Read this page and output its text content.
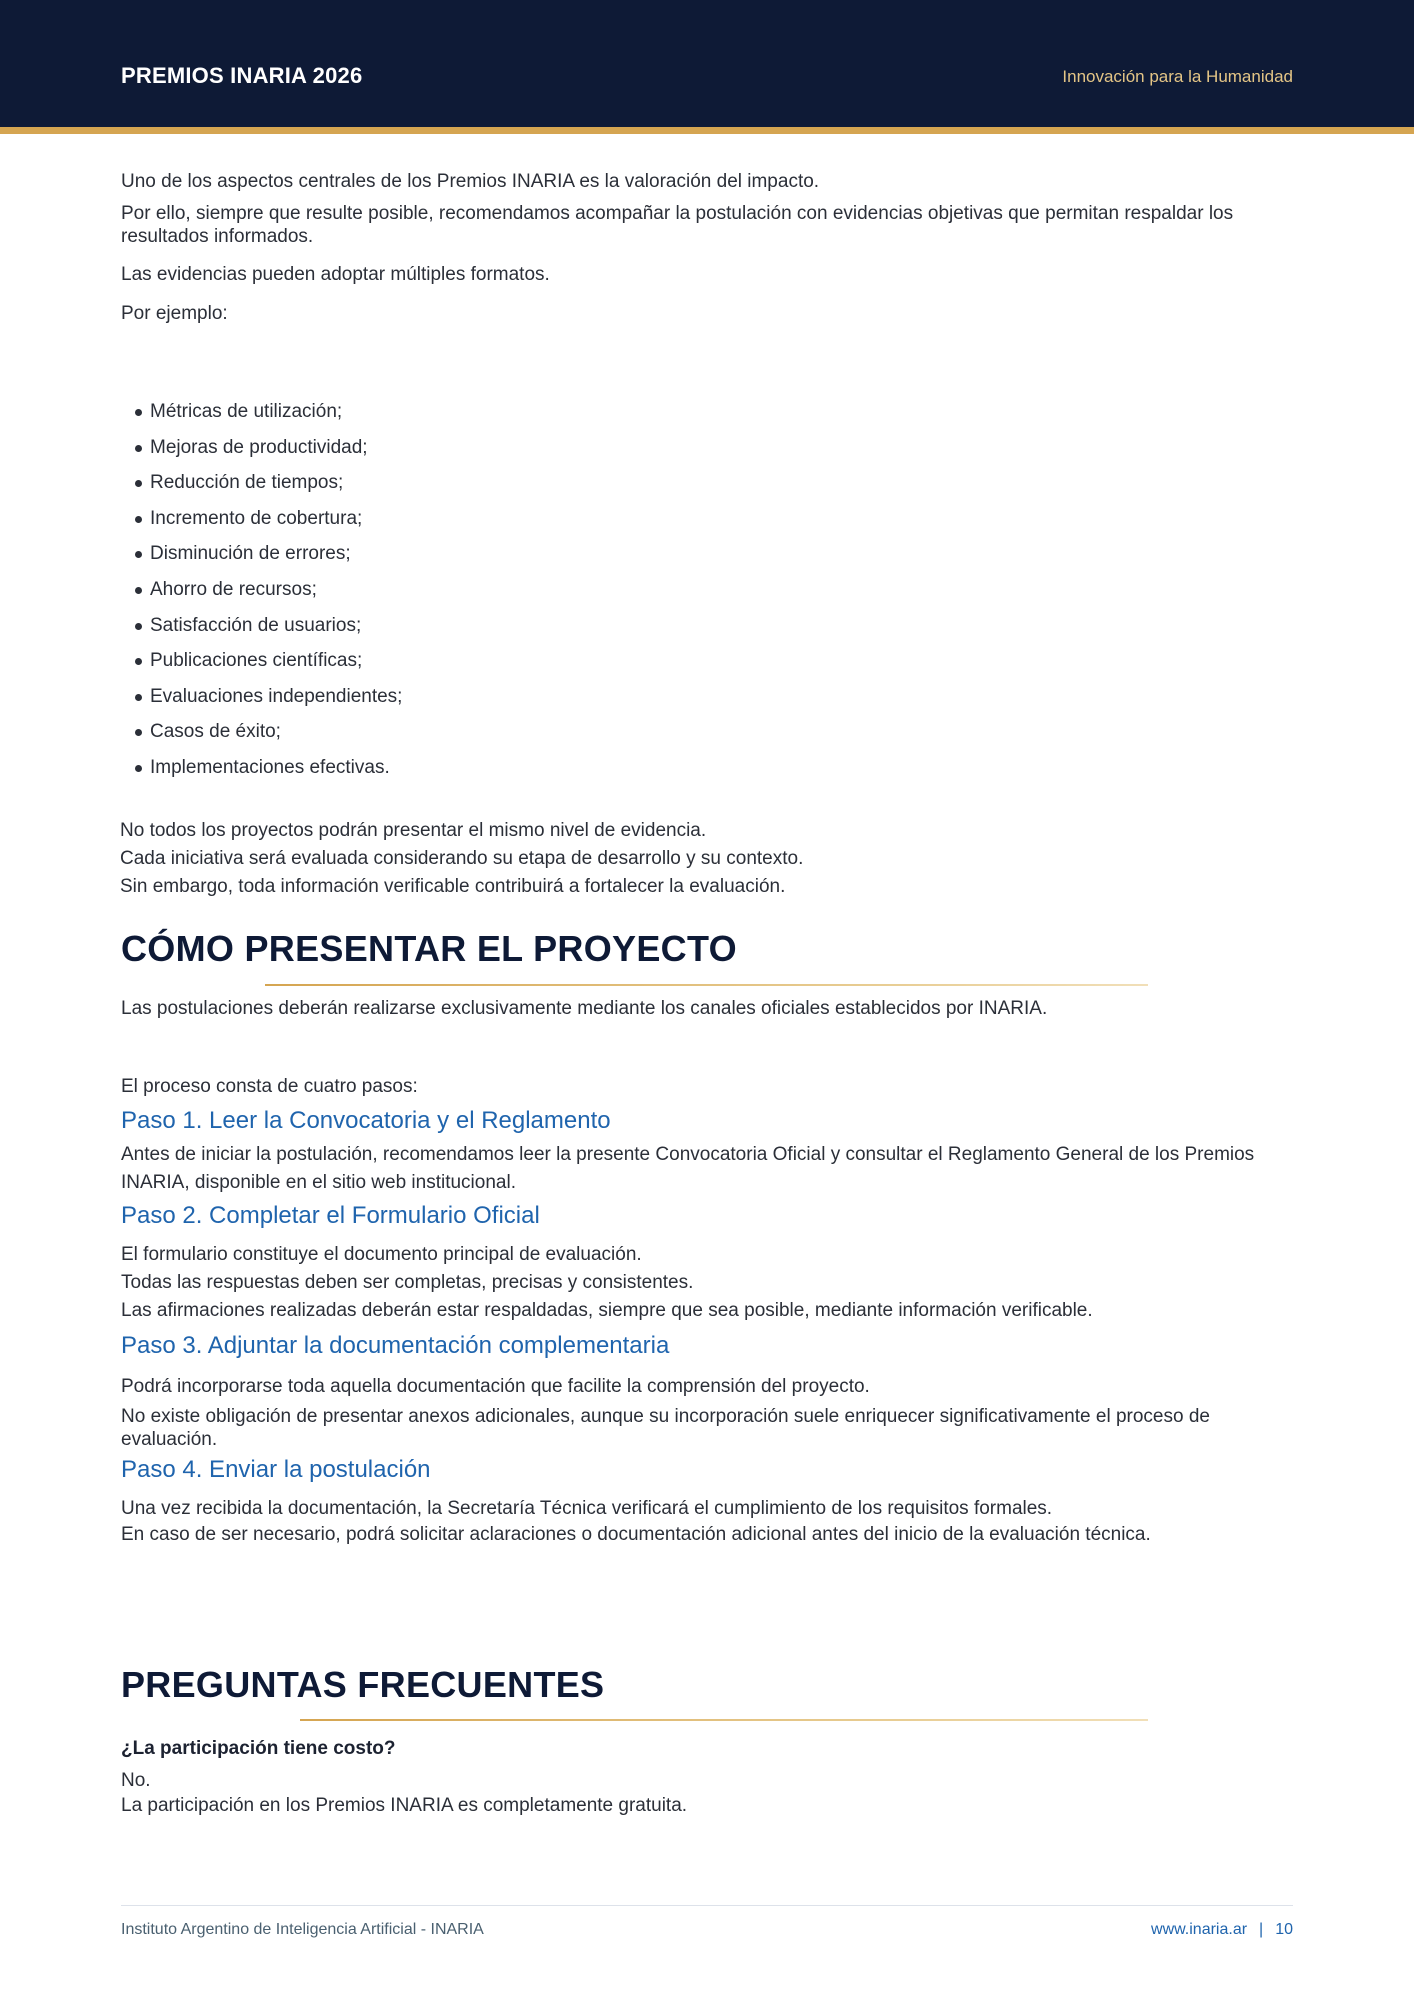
PREMIOS INARIA 2026	Innovación para la Humanidad

Uno de los aspectos centrales de los Premios INARIA es la valoración del impacto.

Por ello, siempre que resulte posible, recomendamos acompañar la postulación con evidencias objetivas que permitan respaldar los resultados informados.

Las evidencias pueden adoptar múltiples formatos.

Por ejemplo:

Métricas de utilización;
Mejoras de productividad;
Reducción de tiempos;
Incremento de cobertura;
Disminución de errores;
Ahorro de recursos;
Satisfacción de usuarios;
Publicaciones científicas;
Evaluaciones independientes;
Casos de éxito;
Implementaciones efectivas.

No todos los proyectos podrán presentar el mismo nivel de evidencia.

Cada iniciativa será evaluada considerando su etapa de desarrollo y su contexto.

Sin embargo, toda información verificable contribuirá a fortalecer la evaluación.

CÓMO PRESENTAR EL PROYECTO

Las postulaciones deberán realizarse exclusivamente mediante los canales oficiales establecidos por INARIA.

El proceso consta de cuatro pasos:

Paso 1. Leer la Convocatoria y el Reglamento

Antes de iniciar la postulación, recomendamos leer la presente Convocatoria Oficial y consultar el Reglamento General de los Premios INARIA, disponible en el sitio web institucional.

Paso 2. Completar el Formulario Oficial

El formulario constituye el documento principal de evaluación.

Todas las respuestas deben ser completas, precisas y consistentes.

Las afirmaciones realizadas deberán estar respaldadas, siempre que sea posible, mediante información verificable.

Paso 3. Adjuntar la documentación complementaria

Podrá incorporarse toda aquella documentación que facilite la comprensión del proyecto.

No existe obligación de presentar anexos adicionales, aunque su incorporación suele enriquecer significativamente el proceso de evaluación.

Paso 4. Enviar la postulación

Una vez recibida la documentación, la Secretaría Técnica verificará el cumplimiento de los requisitos formales.

En caso de ser necesario, podrá solicitar aclaraciones o documentación adicional antes del inicio de la evaluación técnica.

PREGUNTAS FRECUENTES

¿La participación tiene costo?

No.

La participación en los Premios INARIA es completamente gratuita.

Instituto Argentino de Inteligencia Artificial - INARIA	www.inaria.ar | 10
